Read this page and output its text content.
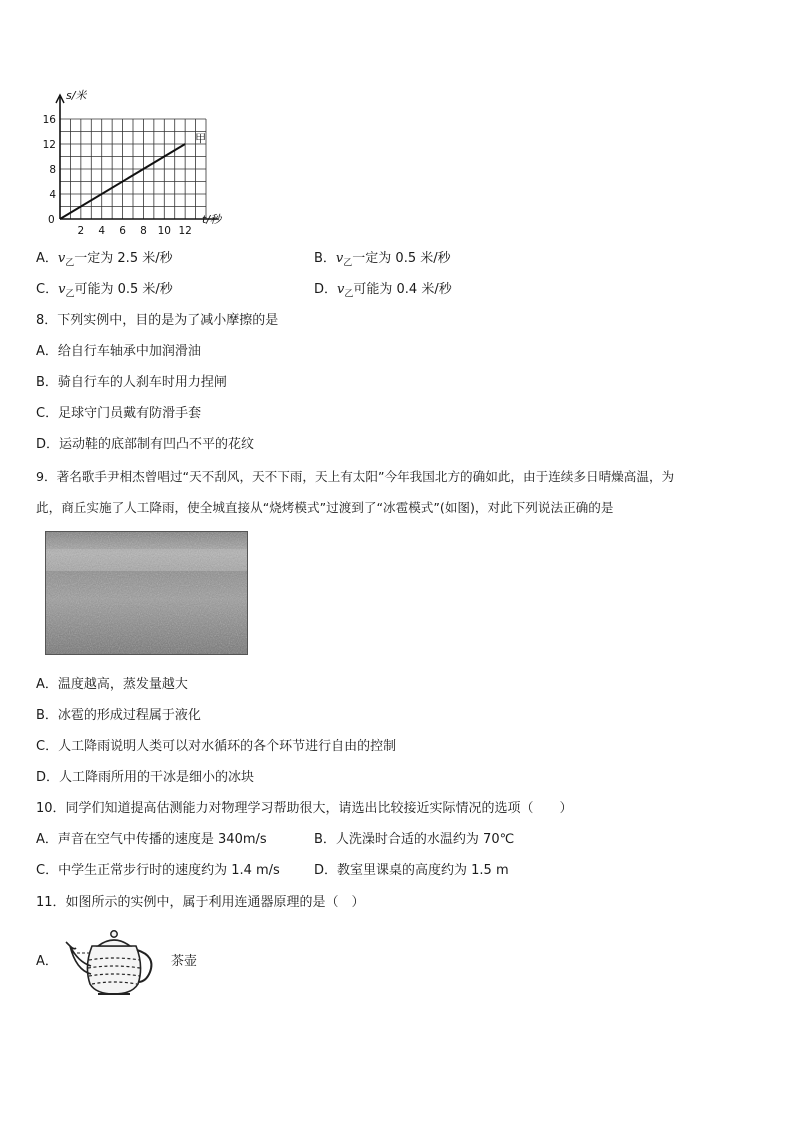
s/米
t/秒
0
2 4 6 8 10 12
4
8
12
16
甲
A．$v_乙$一定为 2.5 米/秒	B．$v_乙$一定为 0.5 米/秒
C．$v_乙$可能为 0.5 米/秒	D．$v_乙$可能为 0.4 米/秒
8．下列实例中，目的是为了减小摩擦的是
A．给自行车轴承中加润滑油
B．骑自行车的人刹车时用力捏闸
C．足球守门员戴有防滑手套
D．运动鞋的底部制有凹凸不平的花纹
9．著名歌手尹相杰曾唱过“天不刮风，天不下雨，天上有太阳”今年我国北方的确如此，由于连续多日晴燥高温，为
此，商丘实施了人工降雨，使全城直接从“烧烤模式”过渡到了“冰雹模式”(如图)，对此下列说法正确的是
A．温度越高，蒸发量越大
B．冰雹的形成过程属于液化
C．人工降雨说明人类可以对水循环的各个环节进行自由的控制
D．人工降雨所用的干冰是细小的冰块
10．同学们知道提高估测能力对物理学习帮助很大，请选出比较接近实际情况的选项（　　）
A．声音在空气中传播的速度是 340m/s	B．人洗澡时合适的水温约为 70℃
C．中学生正常步行时的速度约为 1.4 m/s	D．教室里课桌的高度约为 1.5 m
11．如图所示的实例中，属于利用连通器原理的是（　）
A．	茶壶
